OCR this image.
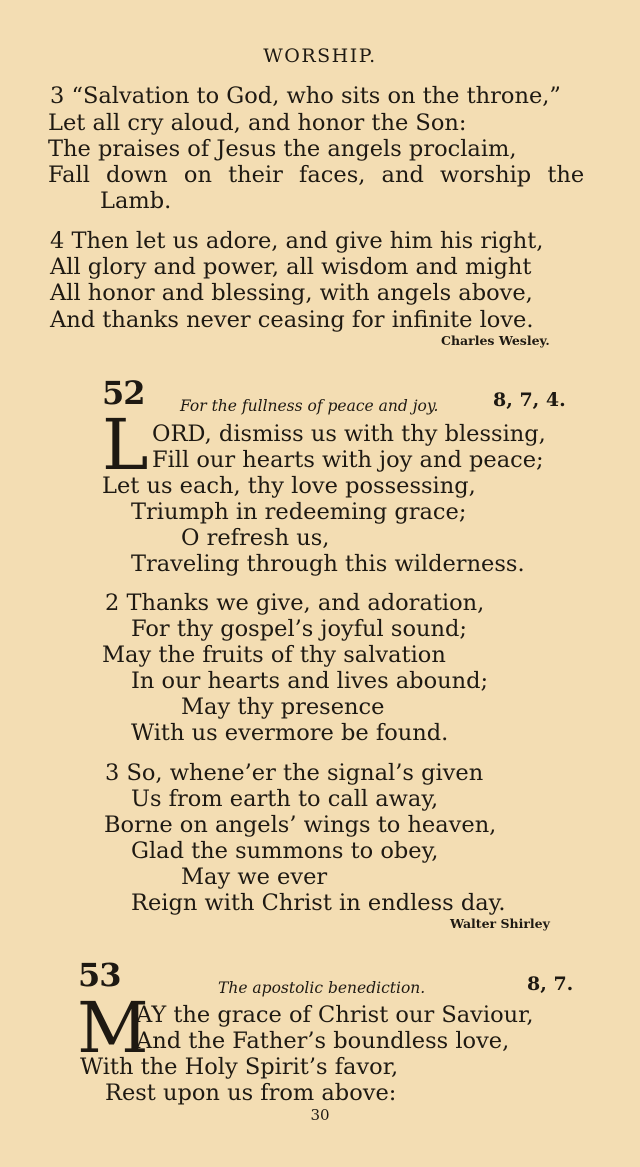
WORSHIP.
3 “Salvation to God, who sits on the throne,”
Let all cry aloud, and honor the Son:
The praises of Jesus the angels proclaim,
Fall down on their faces, and worship the
Lamb.
4 Then let us adore, and give him his right,
All glory and power, all wisdom and might
All honor and blessing, with angels above,
And thanks never ceasing for infinite love.
Charles Wesley.
52 For the fullness of peace and joy.	8, 7, 4.
L ORD, dismiss us with thy blessing,
Fill our hearts with joy and peace;
Let us each, thy love possessing,
Triumph in redeeming grace;
O refresh us,
Traveling through this wilderness.
2 Thanks we give, and adoration,
For thy gospel’s joyful sound;
May the fruits of thy salvation
In our hearts and lives abound;
May thy presence
With us evermore be found.
3 So, whene’er the signal’s given
Us from earth to call away,
Borne on angels’ wings to heaven,
Glad the summons to obey,
May we ever
Reign with Christ in endless day.
Walter Shirley
53	The apostolic benediction.	8, 7.
M
AY the grace of Christ our Saviour,
And the Father’s boundless love,
With the Holy Spirit’s favor,
Rest upon us from above:
30
